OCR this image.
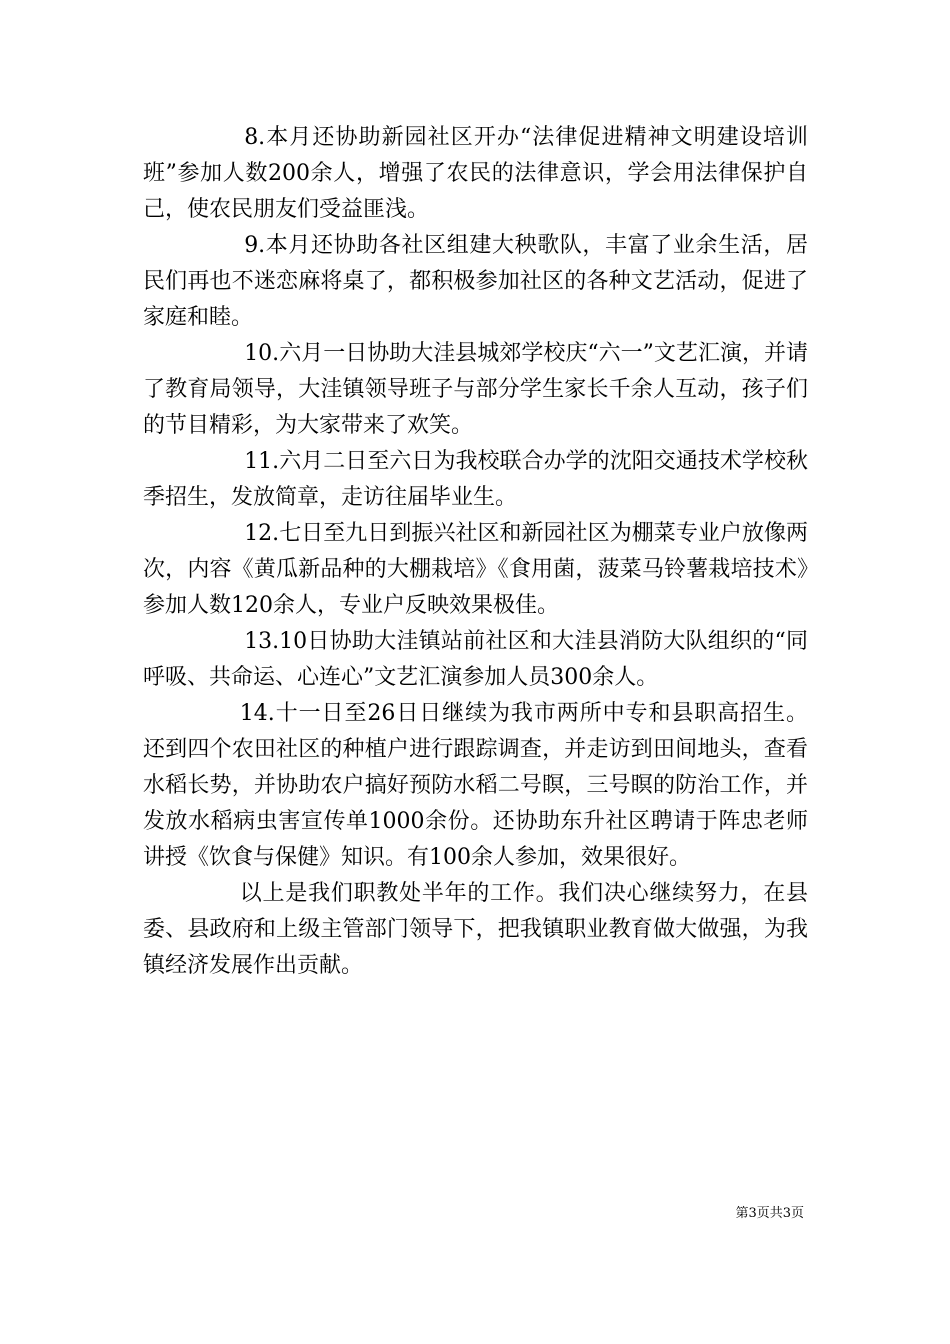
8.本月还协助新园社区开办“法律促进精神文明建设培训班”参加人数200余人，增强了农民的法律意识，学会用法律保护自己，使农民朋友们受益匪浅。

9.本月还协助各社区组建大秧歌队，丰富了业余生活，居民们再也不迷恋麻将桌了，都积极参加社区的各种文艺活动，促进了家庭和睦。

10.六月一日协助大洼县城郊学校庆“六一”文艺汇演，并请了教育局领导，大洼镇领导班子与部分学生家长千余人互动，孩子们的节目精彩，为大家带来了欢笑。

11.六月二日至六日为我校联合办学的沈阳交通技术学校秋季招生，发放简章，走访往届毕业生。

12.七日至九日到振兴社区和新园社区为棚菜专业户放像两次，内容《黄瓜新品种的大棚栽培》《食用菌，菠菜马铃薯栽培技术》参加人数120余人，专业户反映效果极佳。

13.10日协助大洼镇站前社区和大洼县消防大队组织的“同呼吸、共命运、心连心”文艺汇演参加人员300余人。

14.十一日至26日日继续为我市两所中专和县职高招生。还到四个农田社区的种植户进行跟踪调查，并走访到田间地头，查看水稻长势，并协助农户搞好预防水稻二号瞑，三号瞑的防治工作，并发放水稻病虫害宣传单1000余份。还协助东升社区聘请于阵忠老师讲授《饮食与保健》知识。有100余人参加，效果很好。

以上是我们职教处半年的工作。我们决心继续努力，在县委、县政府和上级主管部门领导下，把我镇职业教育做大做强，为我镇经济发展作出贡献。

第3页共3页
